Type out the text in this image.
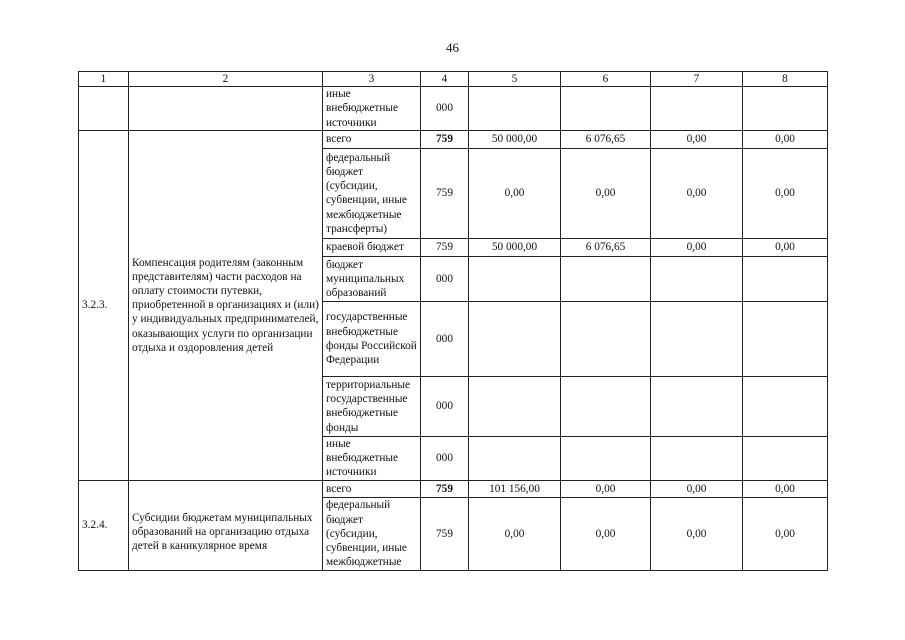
46
1	2	3	4	5	6	7	8
		иные внебюджетные источники	000				
3.2.3.	Компенсация родителям (законным представителям) части расходов на оплату стоимости путевки, приобретенной в организациях и (или) у индивидуальных предпринимателей, оказывающих услуги по организации отдыха и оздоровления детей	всего	759	50 000,00	6 076,65	0,00	0,00
		федеральный бюджет (субсидии, субвенции, иные межбюджетные трансферты)	759	0,00	0,00	0,00	0,00
		краевой бюджет	759	50 000,00	6 076,65	0,00	0,00
		бюджет муниципальных образований	000				
		государственные внебюджетные фонды Российской Федерации	000				
		территориальные государственные внебюджетные фонды	000				
		иные внебюджетные источники	000				
3.2.4.	Субсидии бюджетам муниципальных образований на организацию отдыха детей в каникулярное время	всего	759	101 156,00	0,00	0,00	0,00

		федеральный бюджет (субсидии, субвенции, иные межбюджетные	759	0,00	0,00	0,00	0,00
